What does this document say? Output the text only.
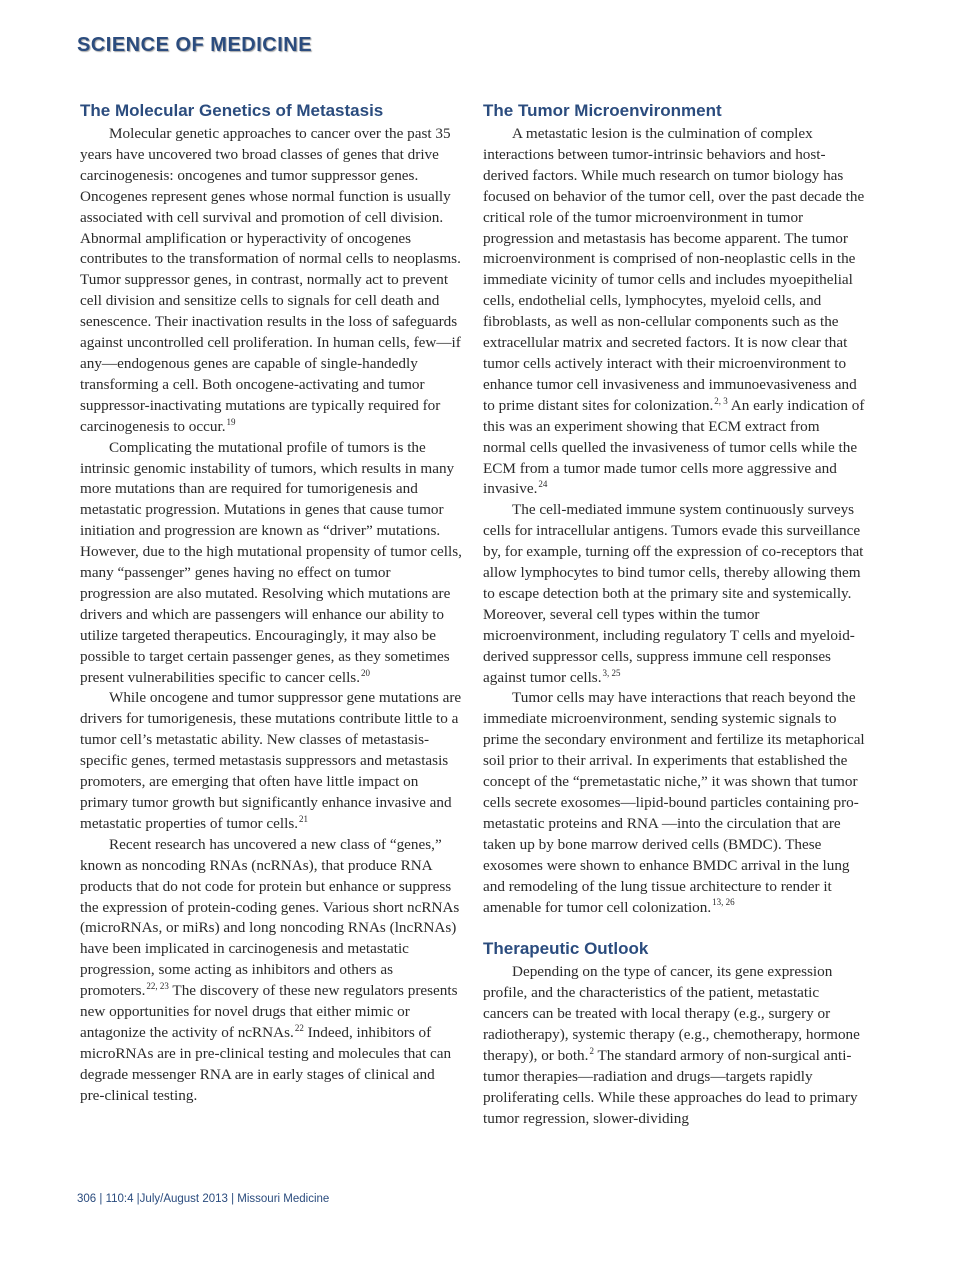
SCIENCE OF MEDICINE
The Molecular Genetics of Metastasis

Molecular genetic approaches to cancer over the past 35 years have uncovered two broad classes of genes that drive carcinogenesis: oncogenes and tumor suppressor genes. Oncogenes represent genes whose normal function is usually associated with cell survival and promotion of cell division. Abnormal amplification or hyperactivity of oncogenes contributes to the transformation of normal cells to neoplasms. Tumor suppressor genes, in contrast, normally act to prevent cell division and sensitize cells to signals for cell death and senescence. Their inactivation results in the loss of safeguards against uncontrolled cell proliferation. In human cells, few—if any—endogenous genes are capable of single-handedly transforming a cell. Both oncogene-activating and tumor suppressor-inactivating mutations are typically required for carcinogenesis to occur.$^{19}$

Complicating the mutational profile of tumors is the intrinsic genomic instability of tumors, which results in many more mutations than are required for tumorigenesis and metastatic progression. Mutations in genes that cause tumor initiation and progression are known as “driver” mutations. However, due to the high mutational propensity of tumor cells, many “passenger” genes having no effect on tumor progression are also mutated. Resolving which mutations are drivers and which are passengers will enhance our ability to utilize targeted therapeutics. Encouragingly, it may also be possible to target certain passenger genes, as they sometimes present vulnerabilities specific to cancer cells.$^{20}$

While oncogene and tumor suppressor gene mutations are drivers for tumorigenesis, these mutations contribute little to a tumor cell’s metastatic ability. New classes of metastasis-specific genes, termed metastasis suppressors and metastasis promoters, are emerging that often have little impact on primary tumor growth but significantly enhance invasive and metastatic properties of tumor cells.$^{21}$

Recent research has uncovered a new class of “genes,” known as noncoding RNAs (ncRNAs), that produce RNA products that do not code for protein but enhance or suppress the expression of protein-coding genes. Various short ncRNAs (microRNAs, or miRs) and long noncoding RNAs (lncRNAs) have been implicated in carcinogenesis and metastatic progression, some acting as inhibitors and others as promoters.$^{22, 23}$ The discovery of these new regulators presents new opportunities for novel drugs that either mimic or antagonize the activity of ncRNAs.$^{22}$ Indeed, inhibitors of microRNAs are in pre-clinical testing and molecules that can degrade messenger RNA are in early stages of clinical and pre-clinical testing.

The Tumor Microenvironment

A metastatic lesion is the culmination of complex interactions between tumor-intrinsic behaviors and host-derived factors. While much research on tumor biology has focused on behavior of the tumor cell, over the past decade the critical role of the tumor microenvironment in tumor progression and metastasis has become apparent. The tumor microenvironment is comprised of non-neoplastic cells in the immediate vicinity of tumor cells and includes myoepithelial cells, endothelial cells, lymphocytes, myeloid cells, and fibroblasts, as well as non-cellular components such as the extracellular matrix and secreted factors. It is now clear that tumor cells actively interact with their microenvironment to enhance tumor cell invasiveness and immunoevasiveness and to prime distant sites for colonization.$^{2, 3}$ An early indication of this was an experiment showing that ECM extract from normal cells quelled the invasiveness of tumor cells while the ECM from a tumor made tumor cells more aggressive and invasive.$^{24}$

The cell-mediated immune system continuously surveys cells for intracellular antigens. Tumors evade this surveillance by, for example, turning off the expression of co-receptors that allow lymphocytes to bind tumor cells, thereby allowing them to escape detection both at the primary site and systemically. Moreover, several cell types within the tumor microenvironment, including regulatory T cells and myeloid-derived suppressor cells, suppress immune cell responses against tumor cells.$^{3, 25}$

Tumor cells may have interactions that reach beyond the immediate microenvironment, sending systemic signals to prime the secondary environment and fertilize its metaphorical soil prior to their arrival. In experiments that established the concept of the “premetastatic niche,” it was shown that tumor cells secrete exosomes—lipid-bound particles containing pro-metastatic proteins and RNA —into the circulation that are taken up by bone marrow derived cells (BMDC). These exosomes were shown to enhance BMDC arrival in the lung and remodeling of the lung tissue architecture to render it amenable for tumor cell colonization.$^{13, 26}$

Therapeutic Outlook

Depending on the type of cancer, its gene expression profile, and the characteristics of the patient, metastatic cancers can be treated with local therapy (e.g., surgery or radiotherapy), systemic therapy (e.g., chemotherapy, hormone therapy), or both.$^2$ The standard armory of non-surgical anti-tumor therapies—radiation and drugs—targets rapidly proliferating cells. While these approaches do lead to primary tumor regression, slower-dividing

306 | 110:4 |July/August 2013 | Missouri Medicine
